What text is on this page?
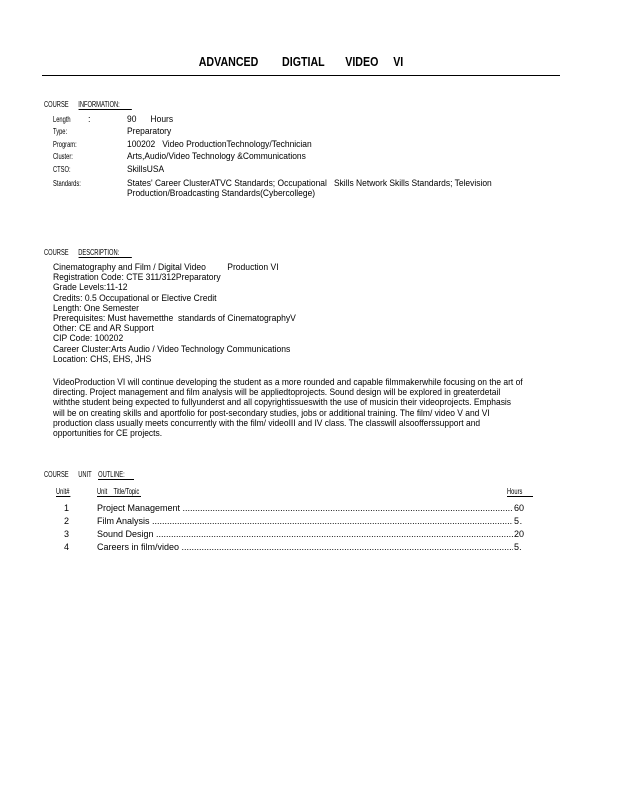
ADVANCED        DIGTIAL       VIDEO     VI
COURSE INFORMATION:
Length :	90      Hours
Type:	Preparatory
Program:	100202   Video ProductionTechnology/Technician
Cluster:	Arts,Audio/Video Technology &Communications
CTSO:	SkillsUSA
Standards:	States' Career ClusterATVC Standards; Occupational   Skills Network Skills Standards; Television Production/Broadcasting Standards(Cybercollege)
COURSE DESCRIPTION:
Cinematography and Film / Digital Video         Production VI
Registration Code: CTE 311/312Preparatory
Grade Levels:11-12
Credits: 0.5 Occupational or Elective Credit
Length: One Semester
Prerequisites: Must havemetthe  standards of CinematographyV
Other: CE and AR Support
CIP Code: 100202
Career Cluster:Arts Audio / Video Technology Communications
Location: CHS, EHS, JHS
VideoProduction VI will continue developing the student as a more rounded and capable filmmakerwhile focusing on the art of directing. Project management and film analysis will be appliedtoprojects. Sound design will be explored in greaterdetail withthe student being expected to fullyunderst and all copyrightissueswith the use of musicin their videoprojects. Emphasis will be on creating skills and aportfolio for post-secondary studies, jobs or additional training. The film/ video V and VI production class usually meets concurrently with the film/ videoIII and IV class. The classwill alsoofferssupport and opportunities for CE projects.
COURSE UNIT OUTLINE:
Unit#	Unit    Title/Topic	Hours
1	Project Management .....	60
2	Film Analysis .....	5
3	Sound Design .....	20
4	Careers in film/video .....	5
